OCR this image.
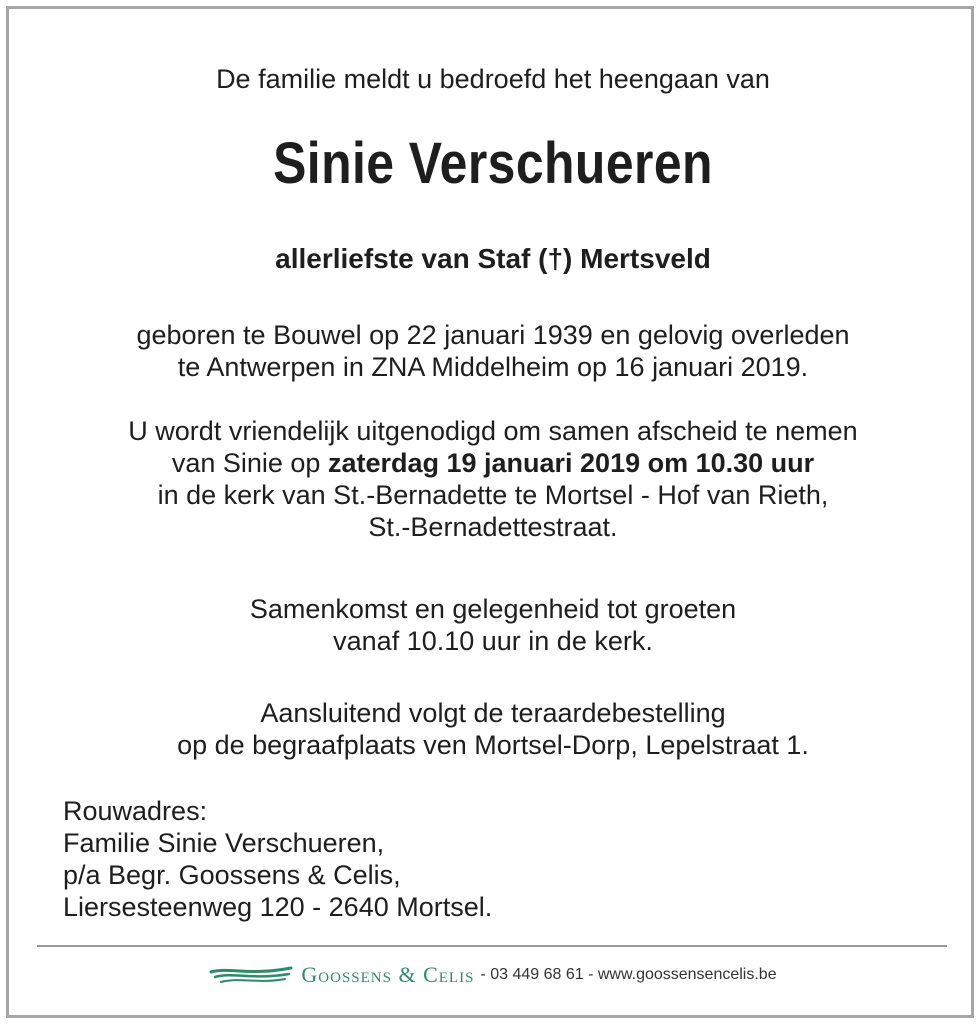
De familie meldt u bedroefd het heengaan van
Sinie Verschueren
allerliefste van Staf (†) Mertsveld
geboren te Bouwel op 22 januari 1939 en gelovig overleden
te Antwerpen in ZNA Middelheim op 16 januari 2019.
U wordt vriendelijk uitgenodigd om samen afscheid te nemen
van Sinie op zaterdag 19 januari 2019 om 10.30 uur
in de kerk van St.-Bernadette te Mortsel - Hof van Rieth,
St.-Bernadettestraat.
Samenkomst en gelegenheid tot groeten
vanaf 10.10 uur in de kerk.
Aansluitend volgt de teraardebestelling
op de begraafplaats ven Mortsel-Dorp, Lepelstraat 1.
Rouwadres:
Familie Sinie Verschueren,
p/a Begr. Goossens & Celis,
Liersesteenweg 120 - 2640 Mortsel.
Goossens & Celis - 03 449 68 61 - www.goossensencelis.be
